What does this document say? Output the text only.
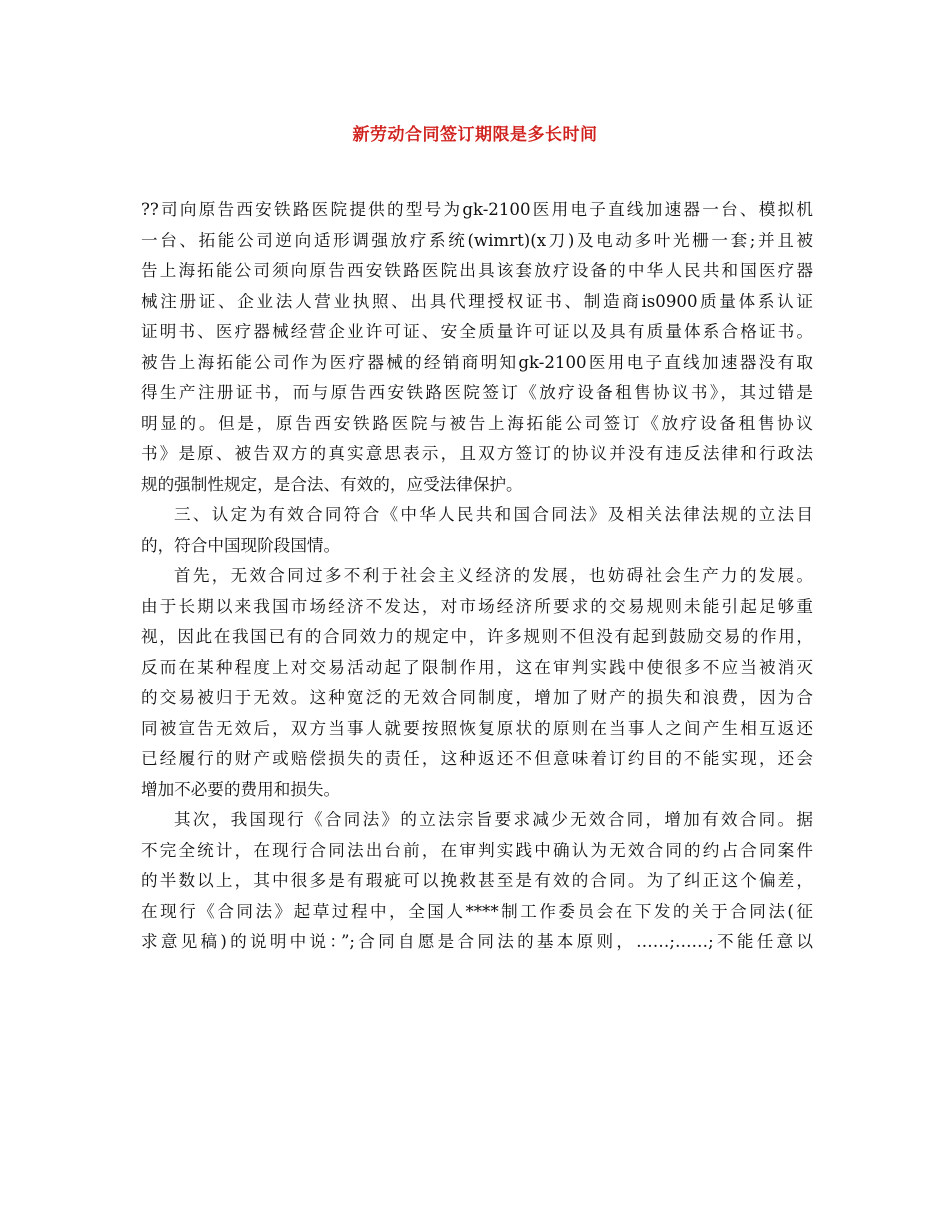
新劳动合同签订期限是多长时间
??司向原告西安铁路医院提供的型号为gk-2100医用电子直线加速器一台、模拟机
一台、拓能公司逆向适形调强放疗系统(wimrt)(x刀)及电动多叶光栅一套;并且被
告上海拓能公司须向原告西安铁路医院出具该套放疗设备的中华人民共和国医疗器
械注册证、企业法人营业执照、出具代理授权证书、制造商is0900质量体系认证
证明书、医疗器械经营企业许可证、安全质量许可证以及具有质量体系合格证书。
被告上海拓能公司作为医疗器械的经销商明知gk-2100医用电子直线加速器没有取
得生产注册证书，而与原告西安铁路医院签订《放疗设备租售协议书》，其过错是
明显的。但是，原告西安铁路医院与被告上海拓能公司签订《放疗设备租售协议
书》是原、被告双方的真实意思表示，且双方签订的协议并没有违反法律和行政法
规的强制性规定，是合法、有效的，应受法律保护。
三、认定为有效合同符合《中华人民共和国合同法》及相关法律法规的立法目
的，符合中国现阶段国情。
首先，无效合同过多不利于社会主义经济的发展，也妨碍社会生产力的发展。
由于长期以来我国市场经济不发达，对市场经济所要求的交易规则未能引起足够重
视，因此在我国已有的合同效力的规定中，许多规则不但没有起到鼓励交易的作用，
反而在某种程度上对交易活动起了限制作用，这在审判实践中使很多不应当被消灭
的交易被归于无效。这种宽泛的无效合同制度，增加了财产的损失和浪费，因为合
同被宣告无效后，双方当事人就要按照恢复原状的原则在当事人之间产生相互返还
已经履行的财产或赔偿损失的责任，这种返还不但意味着订约目的不能实现，还会
增加不必要的费用和损失。
其次，我国现行《合同法》的立法宗旨要求减少无效合同，增加有效合同。据
不完全统计，在现行合同法出台前，在审判实践中确认为无效合同的约占合同案件
的半数以上，其中很多是有瑕疵可以挽救甚至是有效的合同。为了纠正这个偏差，
在现行《合同法》起草过程中，全国人****制工作委员会在下发的关于合同法(征
求意见稿)的说明中说：”;合同自愿是合同法的基本原则，……;……;不能任意以
